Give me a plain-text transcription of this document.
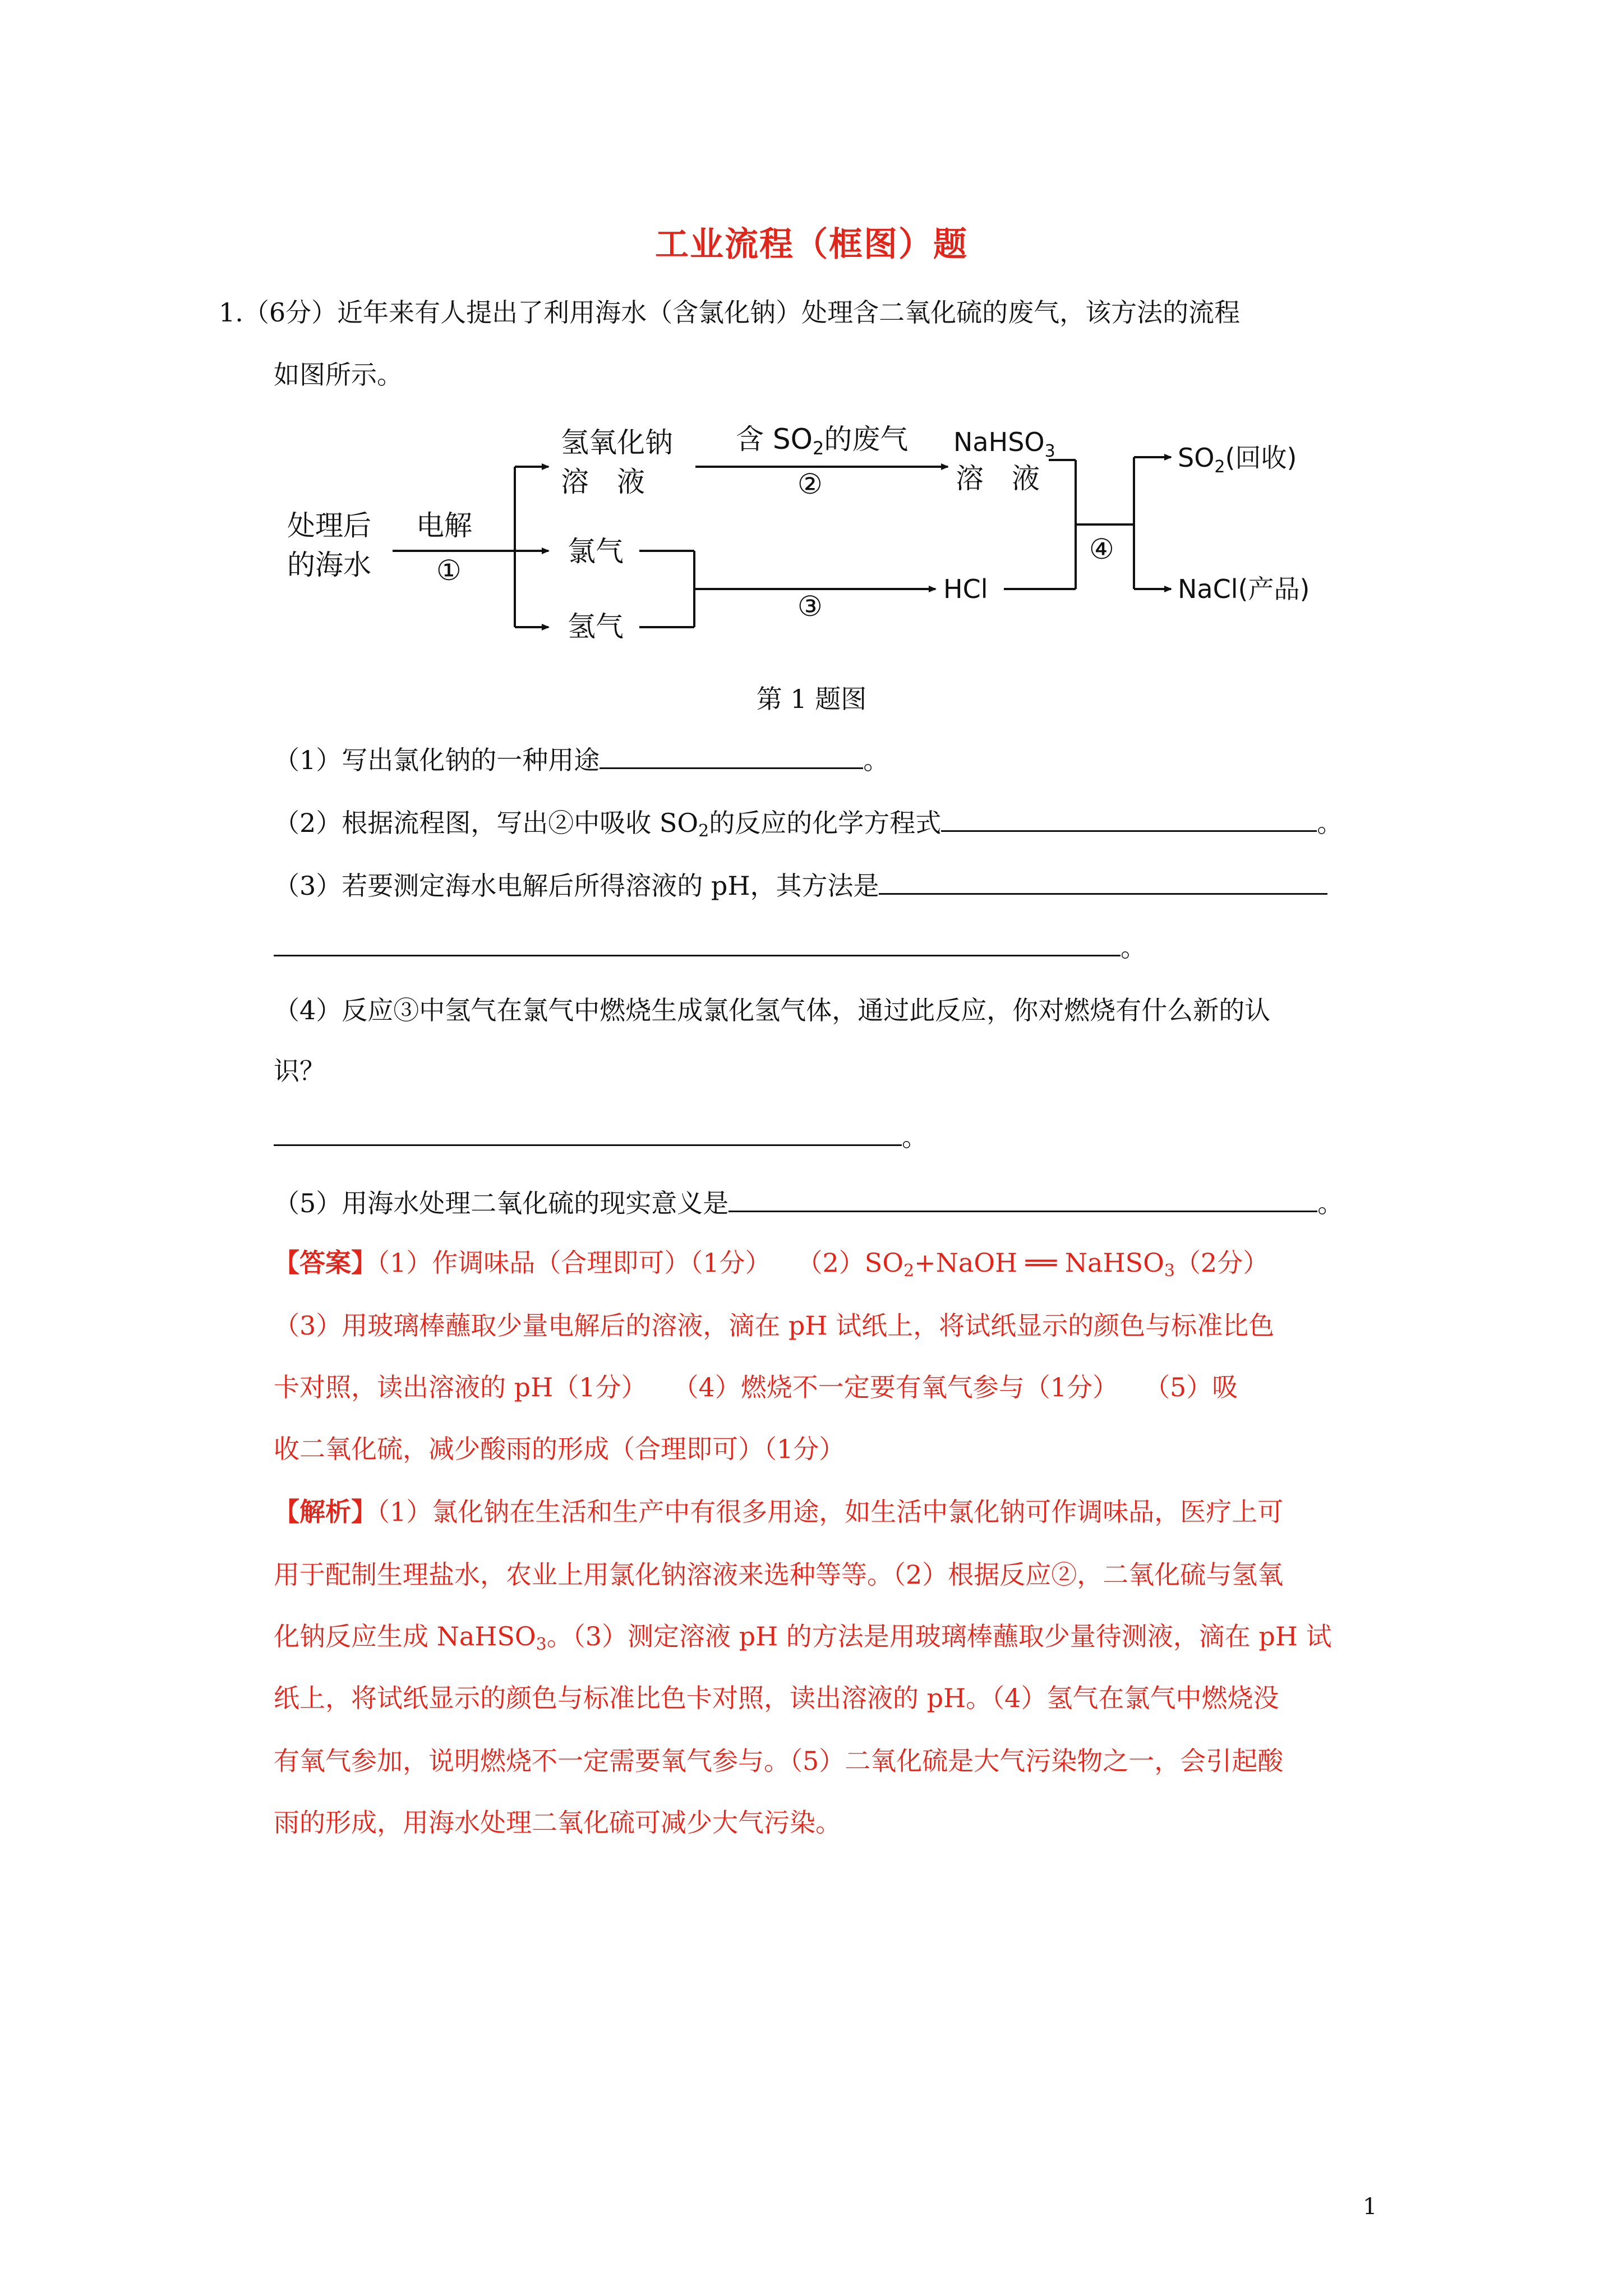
工业流程（框图）题
1.（6分）近年来有人提出了利用海水（含氯化钠）处理含二氧化硫的废气，该方法的流程
如图所示。
处理后
的海水
电解
①
氢氧化钠
溶　液
氯气
氢气
含 $SO_2$的废气
②
NaHSO$_3$
溶　液
③
HCl
④
$SO_2$(回收)
NaCl(产品)
第 1 题图
（1）写出氯化钠的一种用途	。
（2）根据流程图，写出②中吸收 $SO_2$的反应的化学方程式	。
（3）若要测定海水电解后所得溶液的 pH，其方法是
。
（4）反应③中氢气在氯气中燃烧生成氯化氢气体，通过此反应，你对燃烧有什么新的认
识？
。
（5）用海水处理二氧化硫的现实意义是	。
【答案】（1）作调味品（合理即可）（1分）　　$(2)SO_2+NaOH$ ══ NaHSO$_3$（2分）
（3）用玻璃棒蘸取少量电解后的溶液，滴在 pH 试纸上，将试纸显示的颜色与标准比色
卡对照，读出溶液的 pH（1分）　　（4）燃烧不一定要有氧气参与（1分）　　（5）吸
收二氧化硫，减少酸雨的形成（合理即可）（1分）
【解析】（1）氯化钠在生活和生产中有很多用途，如生活中氯化钠可作调味品，医疗上可
用于配制生理盐水，农业上用氯化钠溶液来选种等等。（2）根据反应②，二氧化硫与氢氧
化钠反应生成 NaHSO$_3$。（3）测定溶液 pH 的方法是用玻璃棒蘸取少量待测液，滴在 pH 试
纸上，将试纸显示的颜色与标准比色卡对照，读出溶液的 pH。（4）氢气在氯气中燃烧没
有氧气参加，说明燃烧不一定需要氧气参与。（5）二氧化硫是大气污染物之一，会引起酸
雨的形成，用海水处理二氧化硫可减少大气污染。
1
